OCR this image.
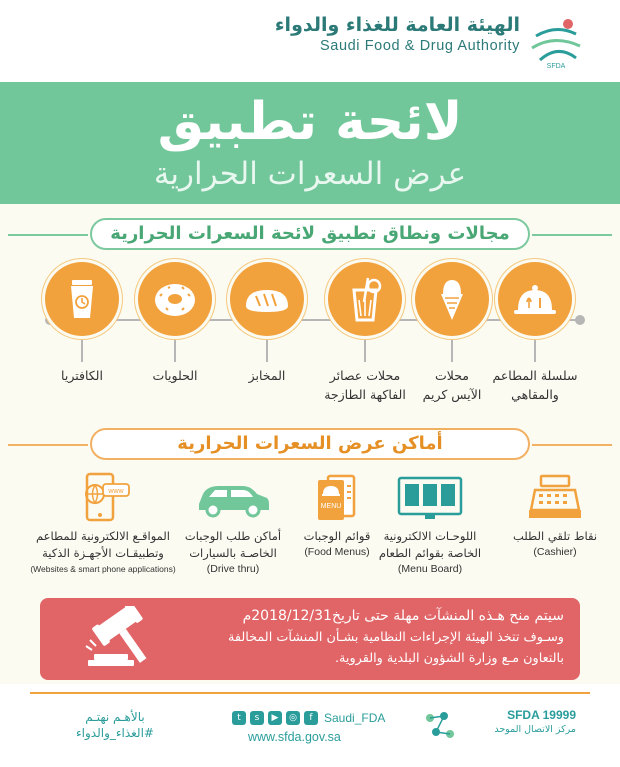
الهيئة العامة للغذاء والدواء
Saudi Food & Drug Authority
SFDA
لائحة تطبيق
عرض السعرات الحرارية
مجالات ونطاق تطبيق لائحة السعرات الحرارية
سلسلة المطاعم
والمقاهي
محلات
الآيس كريم
محلات عصائر
الفاكهة الطازجة
المخابز
الحلويات
الكافتريا
أماكن عرض السعرات الحرارية
نقاط تلقي الطلب
(Cashier)
اللوحـات الالكترونية
الخاصة بقوائم الطعام
(Menu Board)
MENU
قوائم الوجبات
(Food Menus)
أماكن طلب الوجبات
الخاصـة بالسيارات
(Drive thru)
www
المواقـع الالكترونية للمطاعم
وتطبيقـات الأجهـزة الذكية
(Websites & smart phone applications)
سيتم منح هـذه المنشآت مهلة حتى تاريخ2018/12/31م
وسـوف تتخذ الهيئة الإجراءات النظامية بشـأن المنشآت المخالفة
بالتعاون مـع وزارة الشؤون البلدية والقروية.
بالأهـم نهتـم
#الغذاء_والدواء
t	s	▶	◎	f Saudi_FDA
www.sfda.gov.sa
SFDA 19999
مركز الاتصال الموحد
